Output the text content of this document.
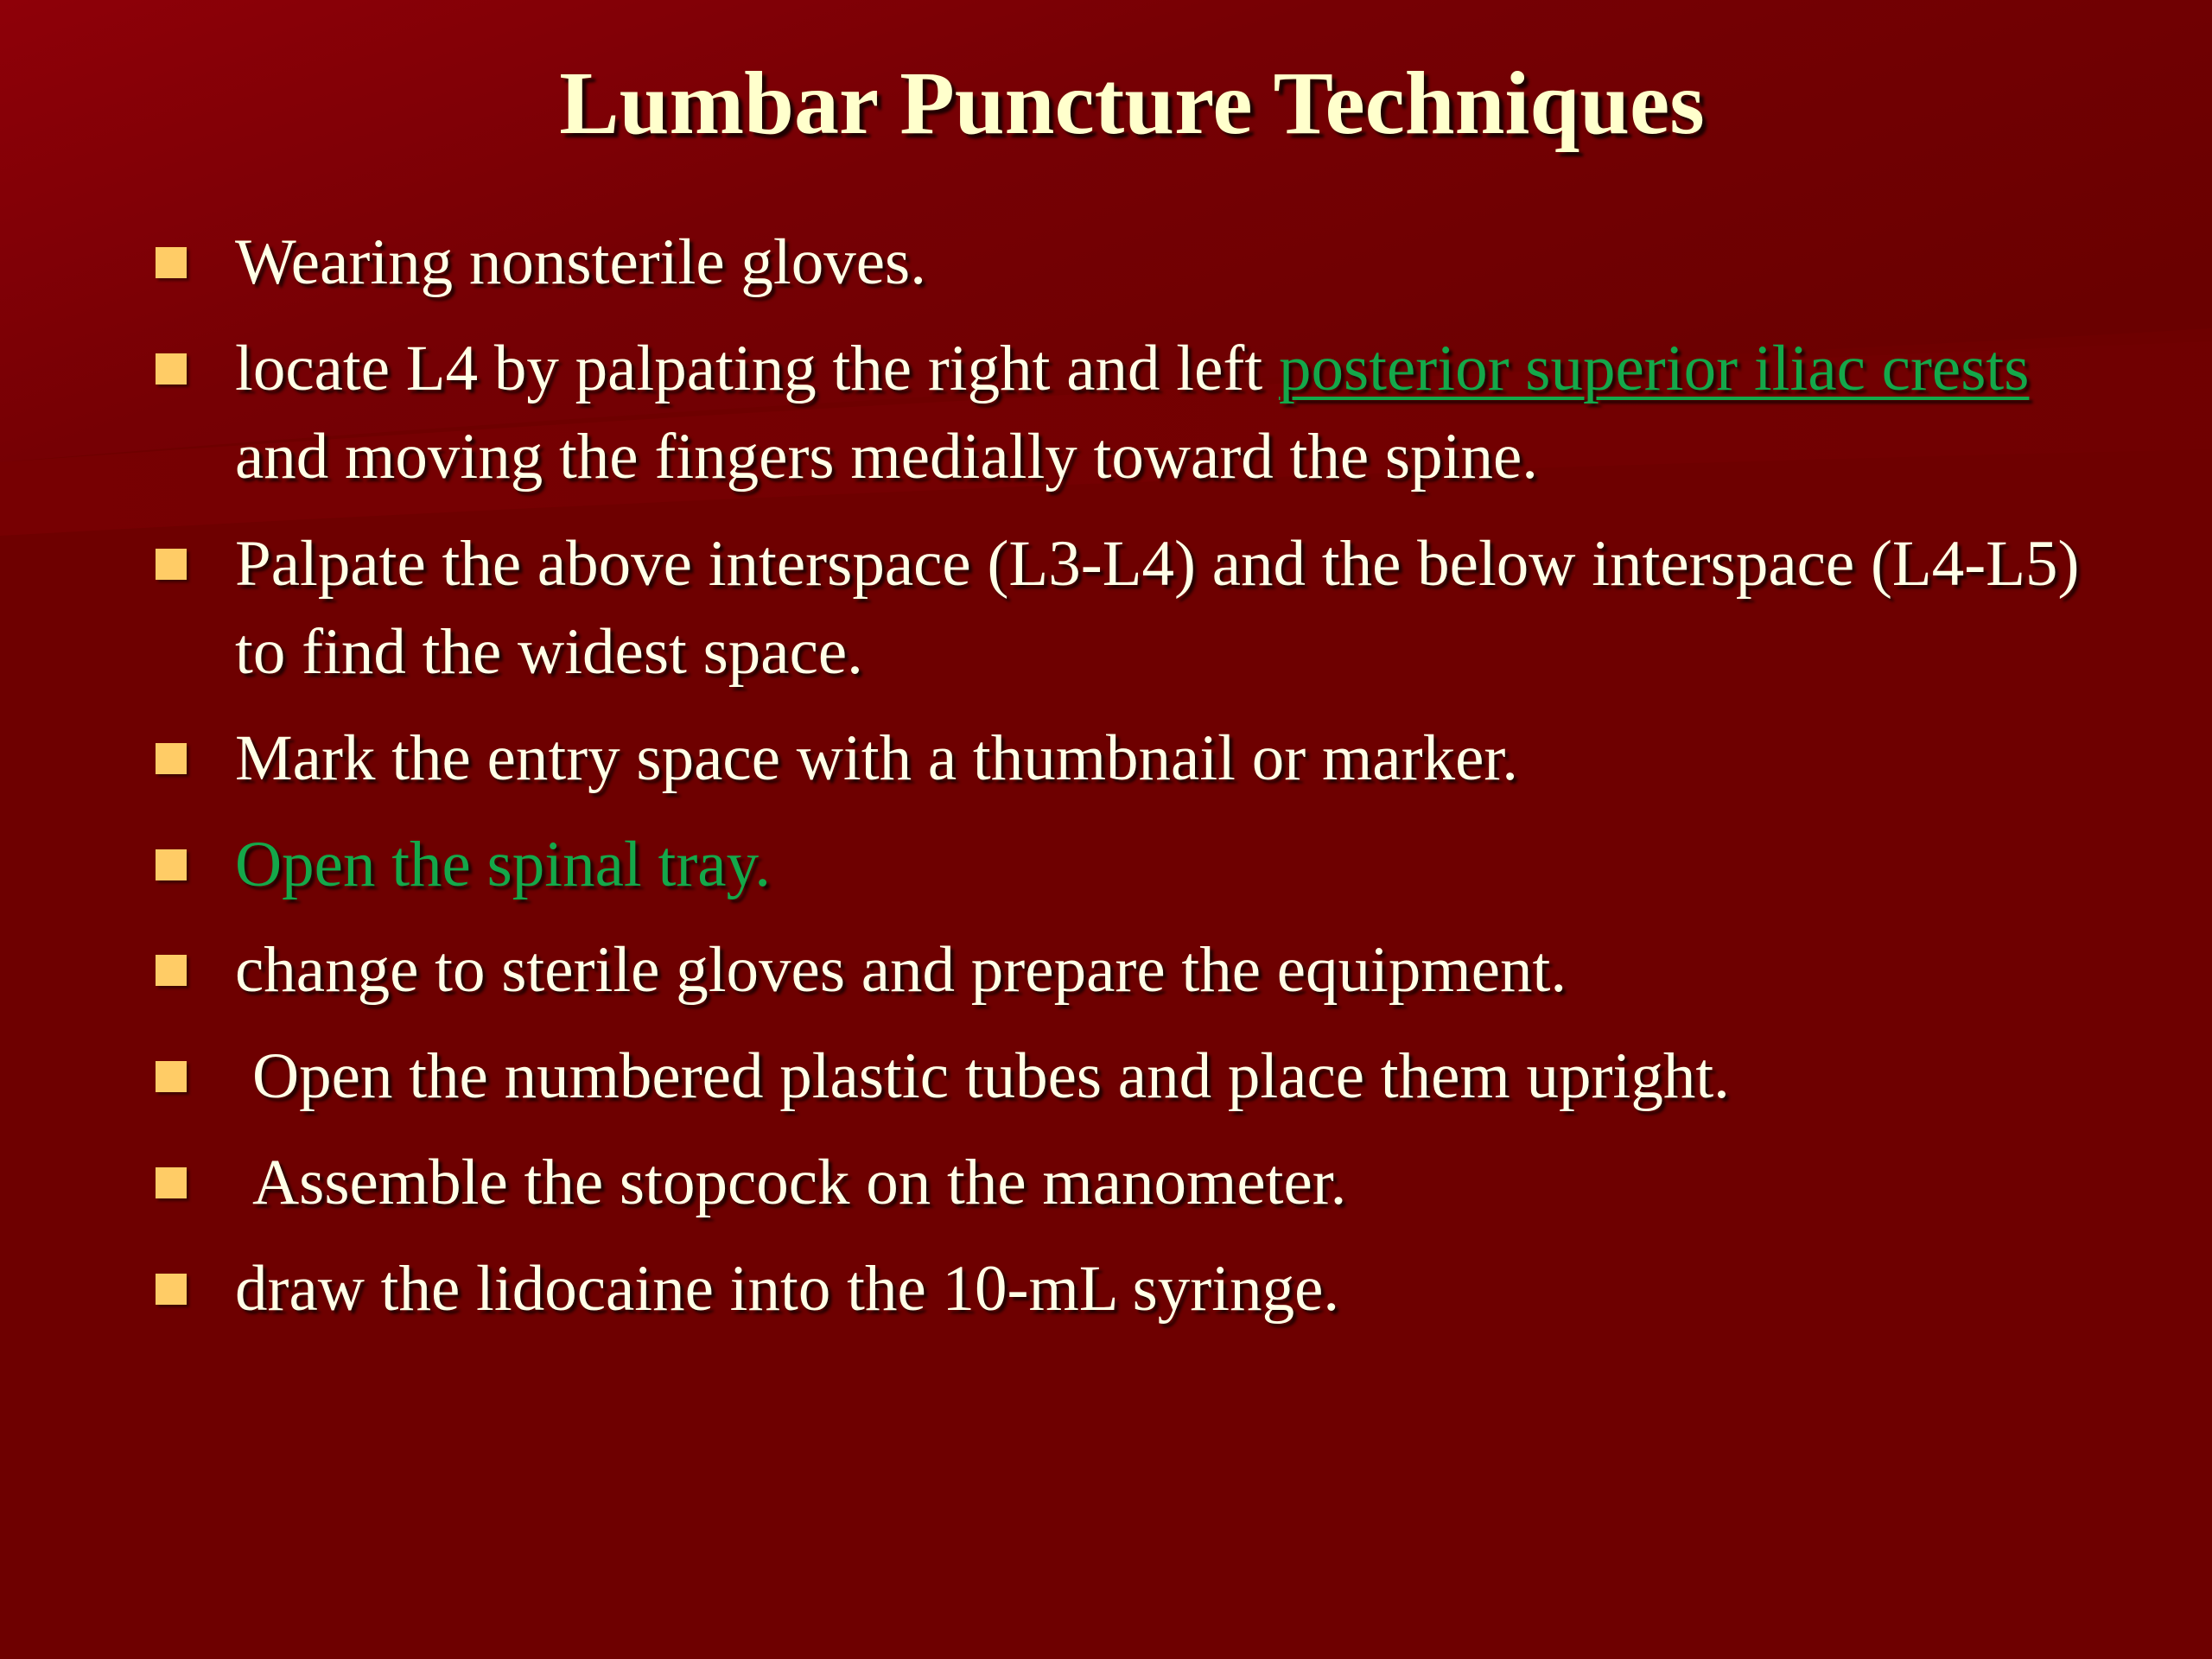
Lumbar Puncture Techniques
Wearing nonsterile gloves.
locate L4 by palpating the right and left posterior superior iliac crests and moving the fingers medially toward the spine.
Palpate the above interspace (L3-L4) and the below interspace (L4-L5) to find the widest space.
Mark the entry space with a thumbnail or marker.
Open the spinal tray.
change to sterile gloves and prepare the equipment.
Open the numbered plastic tubes and place them upright.
Assemble the stopcock on the manometer.
draw the lidocaine into the 10-mL syringe.
